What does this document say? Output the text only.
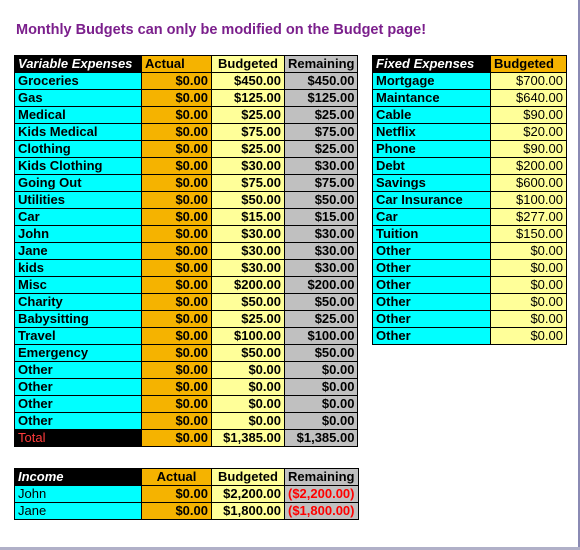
Monthly Budgets can only be modified on the Budget page!
Variable Expenses	Actual	Budgeted	Remaining
Groceries	$0.00	$450.00	$450.00
Gas	$0.00	$125.00	$125.00
Medical	$0.00	$25.00	$25.00
Kids Medical	$0.00	$75.00	$75.00
Clothing	$0.00	$25.00	$25.00
Kids Clothing	$0.00	$30.00	$30.00
Going Out	$0.00	$75.00	$75.00
Utilities	$0.00	$50.00	$50.00
Car	$0.00	$15.00	$15.00
John	$0.00	$30.00	$30.00
Jane	$0.00	$30.00	$30.00
kids	$0.00	$30.00	$30.00
Misc	$0.00	$200.00	$200.00
Charity	$0.00	$50.00	$50.00
Babysitting	$0.00	$25.00	$25.00
Travel	$0.00	$100.00	$100.00
Emergency	$0.00	$50.00	$50.00
Other	$0.00	$0.00	$0.00
Other	$0.00	$0.00	$0.00
Other	$0.00	$0.00	$0.00
Other	$0.00	$0.00	$0.00
Total	$0.00	$1,385.00	$1,385.00
Fixed Expenses	Budgeted
Mortgage	$700.00
Maintance	$640.00
Cable	$90.00
Netflix	$20.00
Phone	$90.00
Debt	$200.00
Savings	$600.00
Car Insurance	$100.00
Car	$277.00
Tuition	$150.00
Other	$0.00
Other	$0.00
Other	$0.00
Other	$0.00
Other	$0.00
Other	$0.00
Income	Actual	Budgeted	Remaining
John	$0.00	$2,200.00	($2,200.00)
Jane	$0.00	$1,800.00	($1,800.00)
